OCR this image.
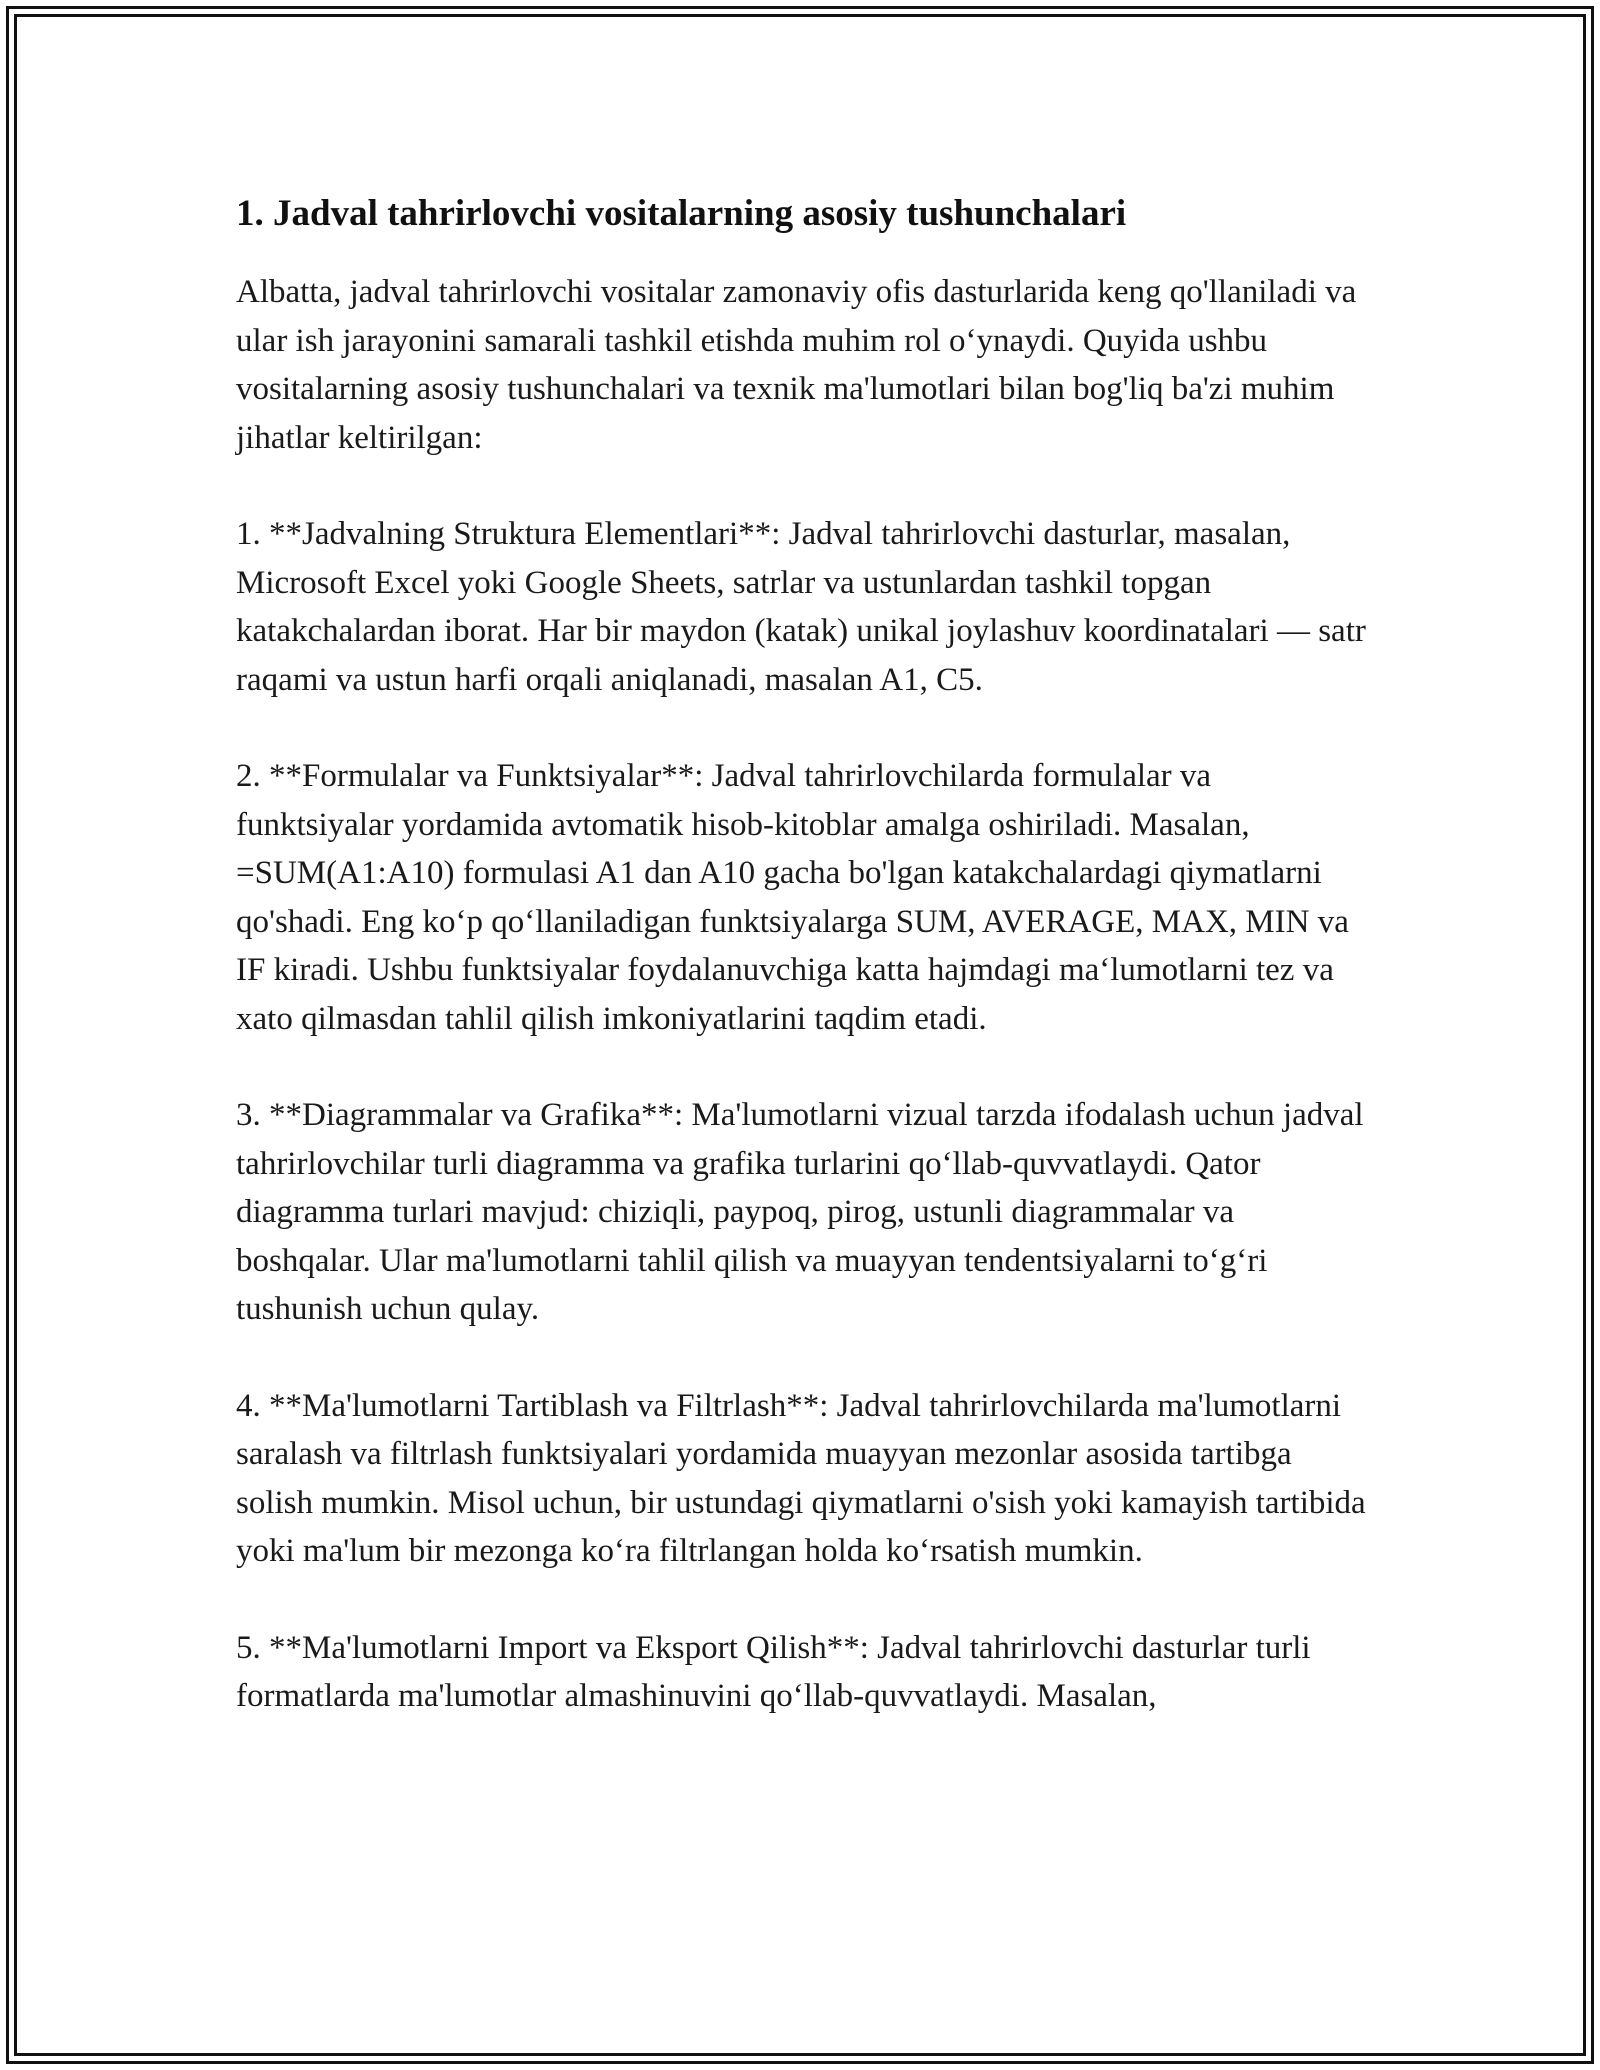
1. Jadval tahrirlovchi vositalarning asosiy tushunchalari

Albatta, jadval tahrirlovchi vositalar zamonaviy ofis dasturlarida keng qo'llaniladi va ular ish jarayonini samarali tashkil etishda muhim rol o‘ynaydi. Quyida ushbu vositalarning asosiy tushunchalari va texnik ma'lumotlari bilan bog'liq ba'zi muhim jihatlar keltirilgan:

1. **Jadvalning Struktura Elementlari**: Jadval tahrirlovchi dasturlar, masalan, Microsoft Excel yoki Google Sheets, satrlar va ustunlardan tashkil topgan katakchalardan iborat. Har bir maydon (katak) unikal joylashuv koordinatalari — satr raqami va ustun harfi orqali aniqlanadi, masalan A1, C5.

2. **Formulalar va Funktsiyalar**: Jadval tahrirlovchilarda formulalar va funktsiyalar yordamida avtomatik hisob-kitoblar amalga oshiriladi. Masalan, =SUM(A1:A10) formulasi A1 dan A10 gacha bo'lgan katakchalardagi qiymatlarni qo'shadi. Eng ko‘p qo‘llaniladigan funktsiyalarga SUM, AVERAGE, MAX, MIN va IF kiradi. Ushbu funktsiyalar foydalanuvchiga katta hajmdagi ma‘lumotlarni tez va xato qilmasdan tahlil qilish imkoniyatlarini taqdim etadi.

3. **Diagrammalar va Grafika**: Ma'lumotlarni vizual tarzda ifodalash uchun jadval tahrirlovchilar turli diagramma va grafika turlarini qo‘llab-quvvatlaydi. Qator diagramma turlari mavjud: chiziqli, paypoq, pirog, ustunli diagrammalar va boshqalar. Ular ma'lumotlarni tahlil qilish va muayyan tendentsiyalarni to‘g‘ri tushunish uchun qulay.

4. **Ma'lumotlarni Tartiblash va Filtrlash**: Jadval tahrirlovchilarda ma'lumotlarni saralash va filtrlash funktsiyalari yordamida muayyan mezonlar asosida tartibga solish mumkin. Misol uchun, bir ustundagi qiymatlarni o'sish yoki kamayish tartibida yoki ma'lum bir mezonga ko‘ra filtrlangan holda ko‘rsatish mumkin.

5. **Ma'lumotlarni Import va Eksport Qilish**: Jadval tahrirlovchi dasturlar turli formatlarda ma'lumotlar almashinuvini qo‘llab-quvvatlaydi. Masalan,
